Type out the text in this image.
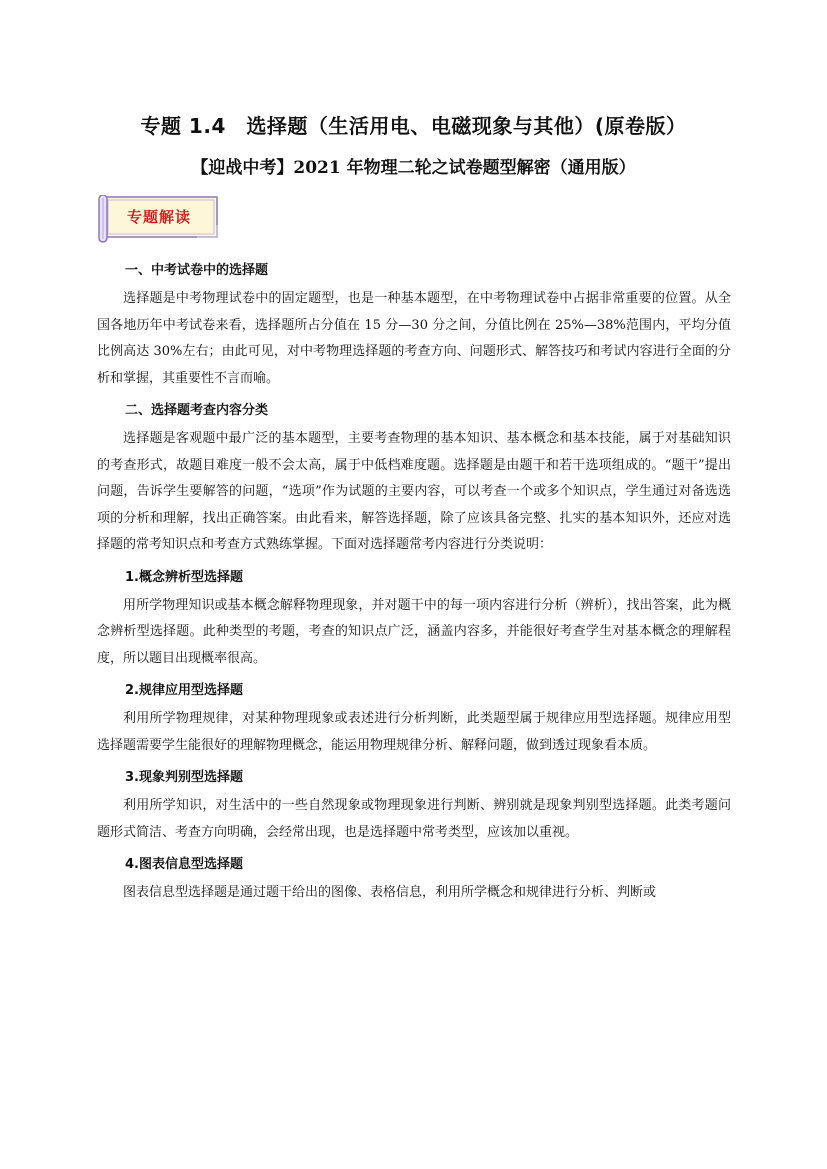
专题 1.4　选择题（生活用电、电磁现象与其他）(原卷版）
【迎战中考】2021 年物理二轮之试卷题型解密（通用版）
专题解读

一、中考试卷中的选择题

选择题是中考物理试卷中的固定题型，也是一种基本题型，在中考物理试卷中占据非常重要的位置。从全国各地历年中考试卷来看，选择题所占分值在 15 分—30 分之间，分值比例在 25%—38%范围内，平均分值比例高达 30%左右；由此可见，对中考物理选择题的考查方向、问题形式、解答技巧和考试内容进行全面的分析和掌握，其重要性不言而喻。

二、选择题考查内容分类

选择题是客观题中最广泛的基本题型，主要考查物理的基本知识、基本概念和基本技能，属于对基础知识的考查形式，故题目难度一般不会太高，属于中低档难度题。选择题是由题干和若干选项组成的。“题干”提出问题，告诉学生要解答的问题，“选项”作为试题的主要内容，可以考查一个或多个知识点，学生通过对备选选项的分析和理解，找出正确答案。由此看来，解答选择题，除了应该具备完整、扎实的基本知识外，还应对选择题的常考知识点和考查方式熟练掌握。下面对选择题常考内容进行分类说明：

1.概念辨析型选择题

用所学物理知识或基本概念解释物理现象，并对题干中的每一项内容进行分析（辨析），找出答案，此为概念辨析型选择题。此种类型的考题，考查的知识点广泛，涵盖内容多，并能很好考查学生对基本概念的理解程度，所以题目出现概率很高。

2.规律应用型选择题

利用所学物理规律，对某种物理现象或表述进行分析判断，此类题型属于规律应用型选择题。规律应用型选择题需要学生能很好的理解物理概念，能运用物理规律分析、解释问题，做到透过现象看本质。

3.现象判别型选择题

利用所学知识，对生活中的一些自然现象或物理现象进行判断、辨别就是现象判别型选择题。此类考题问题形式简洁、考查方向明确，会经常出现，也是选择题中常考类型，应该加以重视。

4.图表信息型选择题

图表信息型选择题是通过题干给出的图像、表格信息，利用所学概念和规律进行分析、判断或
